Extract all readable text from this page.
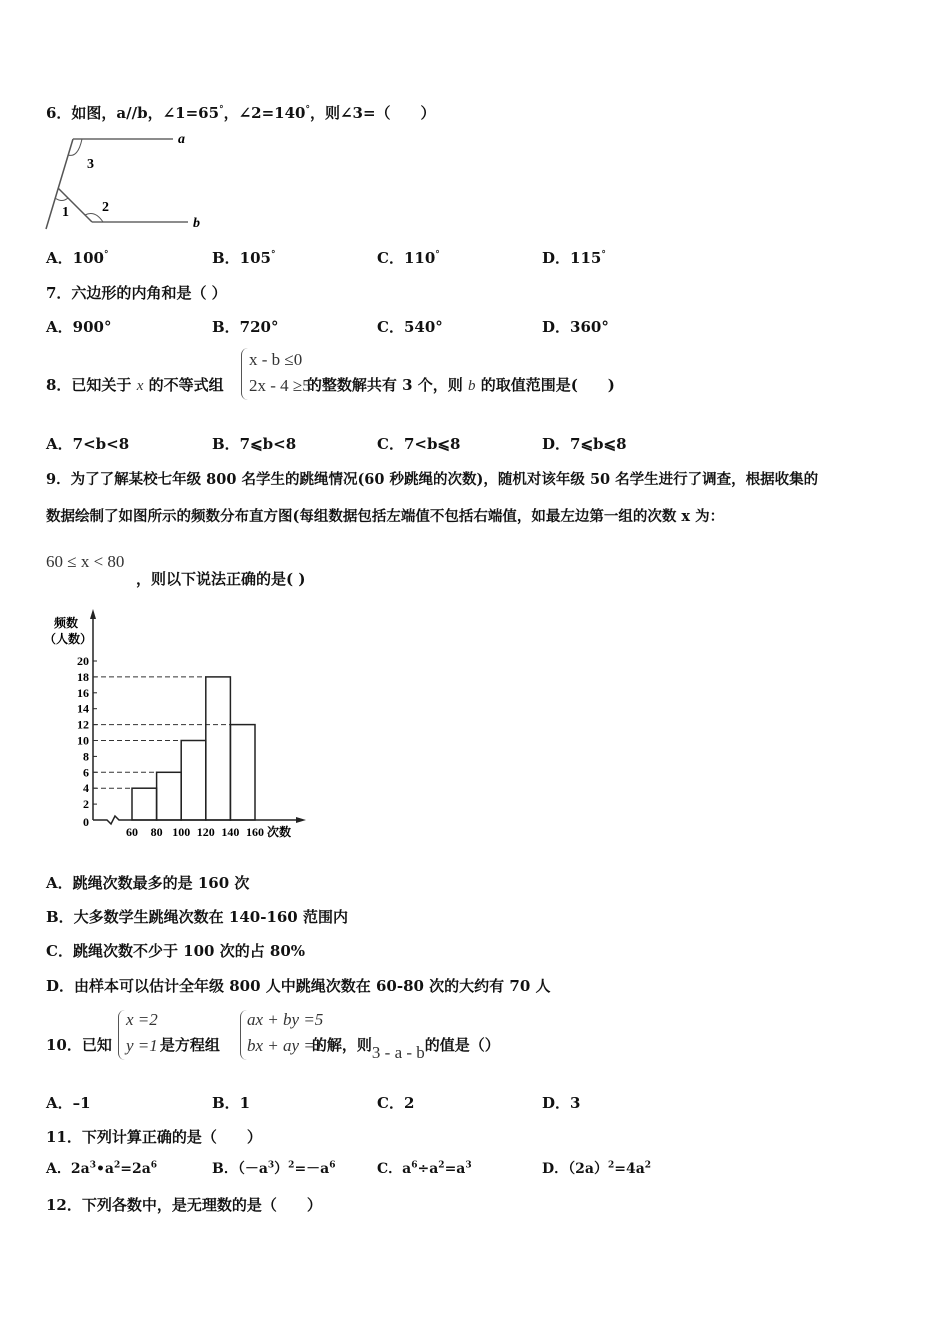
6．如图，a//b，∠1=65°，∠2=140°，则∠3=（　　）
a
b
1 2
3
A．100°	B．105°	C．110°	D．115°
7．六边形的内角和是（ ）
A．900°	B．720°	C．540°	D．360°
8．已知关于 x 的不等式组	的整数解共有 3 个，则 b 的取值范围是(　　)
x - b ≤0
2x - 4 ≥5
A．7<b<8	B．7⩽b<8	C．7<b⩽8	D．7⩽b⩽8
9．为了了解某校七年级 800 名学生的跳绳情况(60 秒跳绳的次数)，随机对该年级 50 名学生进行了调查，根据收集的
数据绘制了如图所示的频数分布直方图(每组数据包括左端值不包括右端值，如最左边第一组的次数 x 为：
60 ≤ x < 80
，则以下说法正确的是( )
频数
（人数）
0
2
4
6
8
10
12
14
16
18
20
60 80 100 120 140 160 次数
A．跳绳次数最多的是 160 次
B．大多数学生跳绳次数在 140-160 范围内
C．跳绳次数不少于 100 次的占 80%
D．由样本可以估计全年级 800 人中跳绳次数在 60-80 次的大约有 70 人
10．已知	是方程组	的解，则3 - a - b的值是（）
x =2
y =1
ax + by =5
bx + ay =1
A．–1	B．1	C．2	D．3
11．下列计算正确的是（　　）
A．$2a^3•a^2=2a^6$	B．$(-a^3)^2=-a^6$	C．$a^6\div a^2=a^3$	D．$(2a)^2=4a^2$
12．下列各数中，是无理数的是（　　）
